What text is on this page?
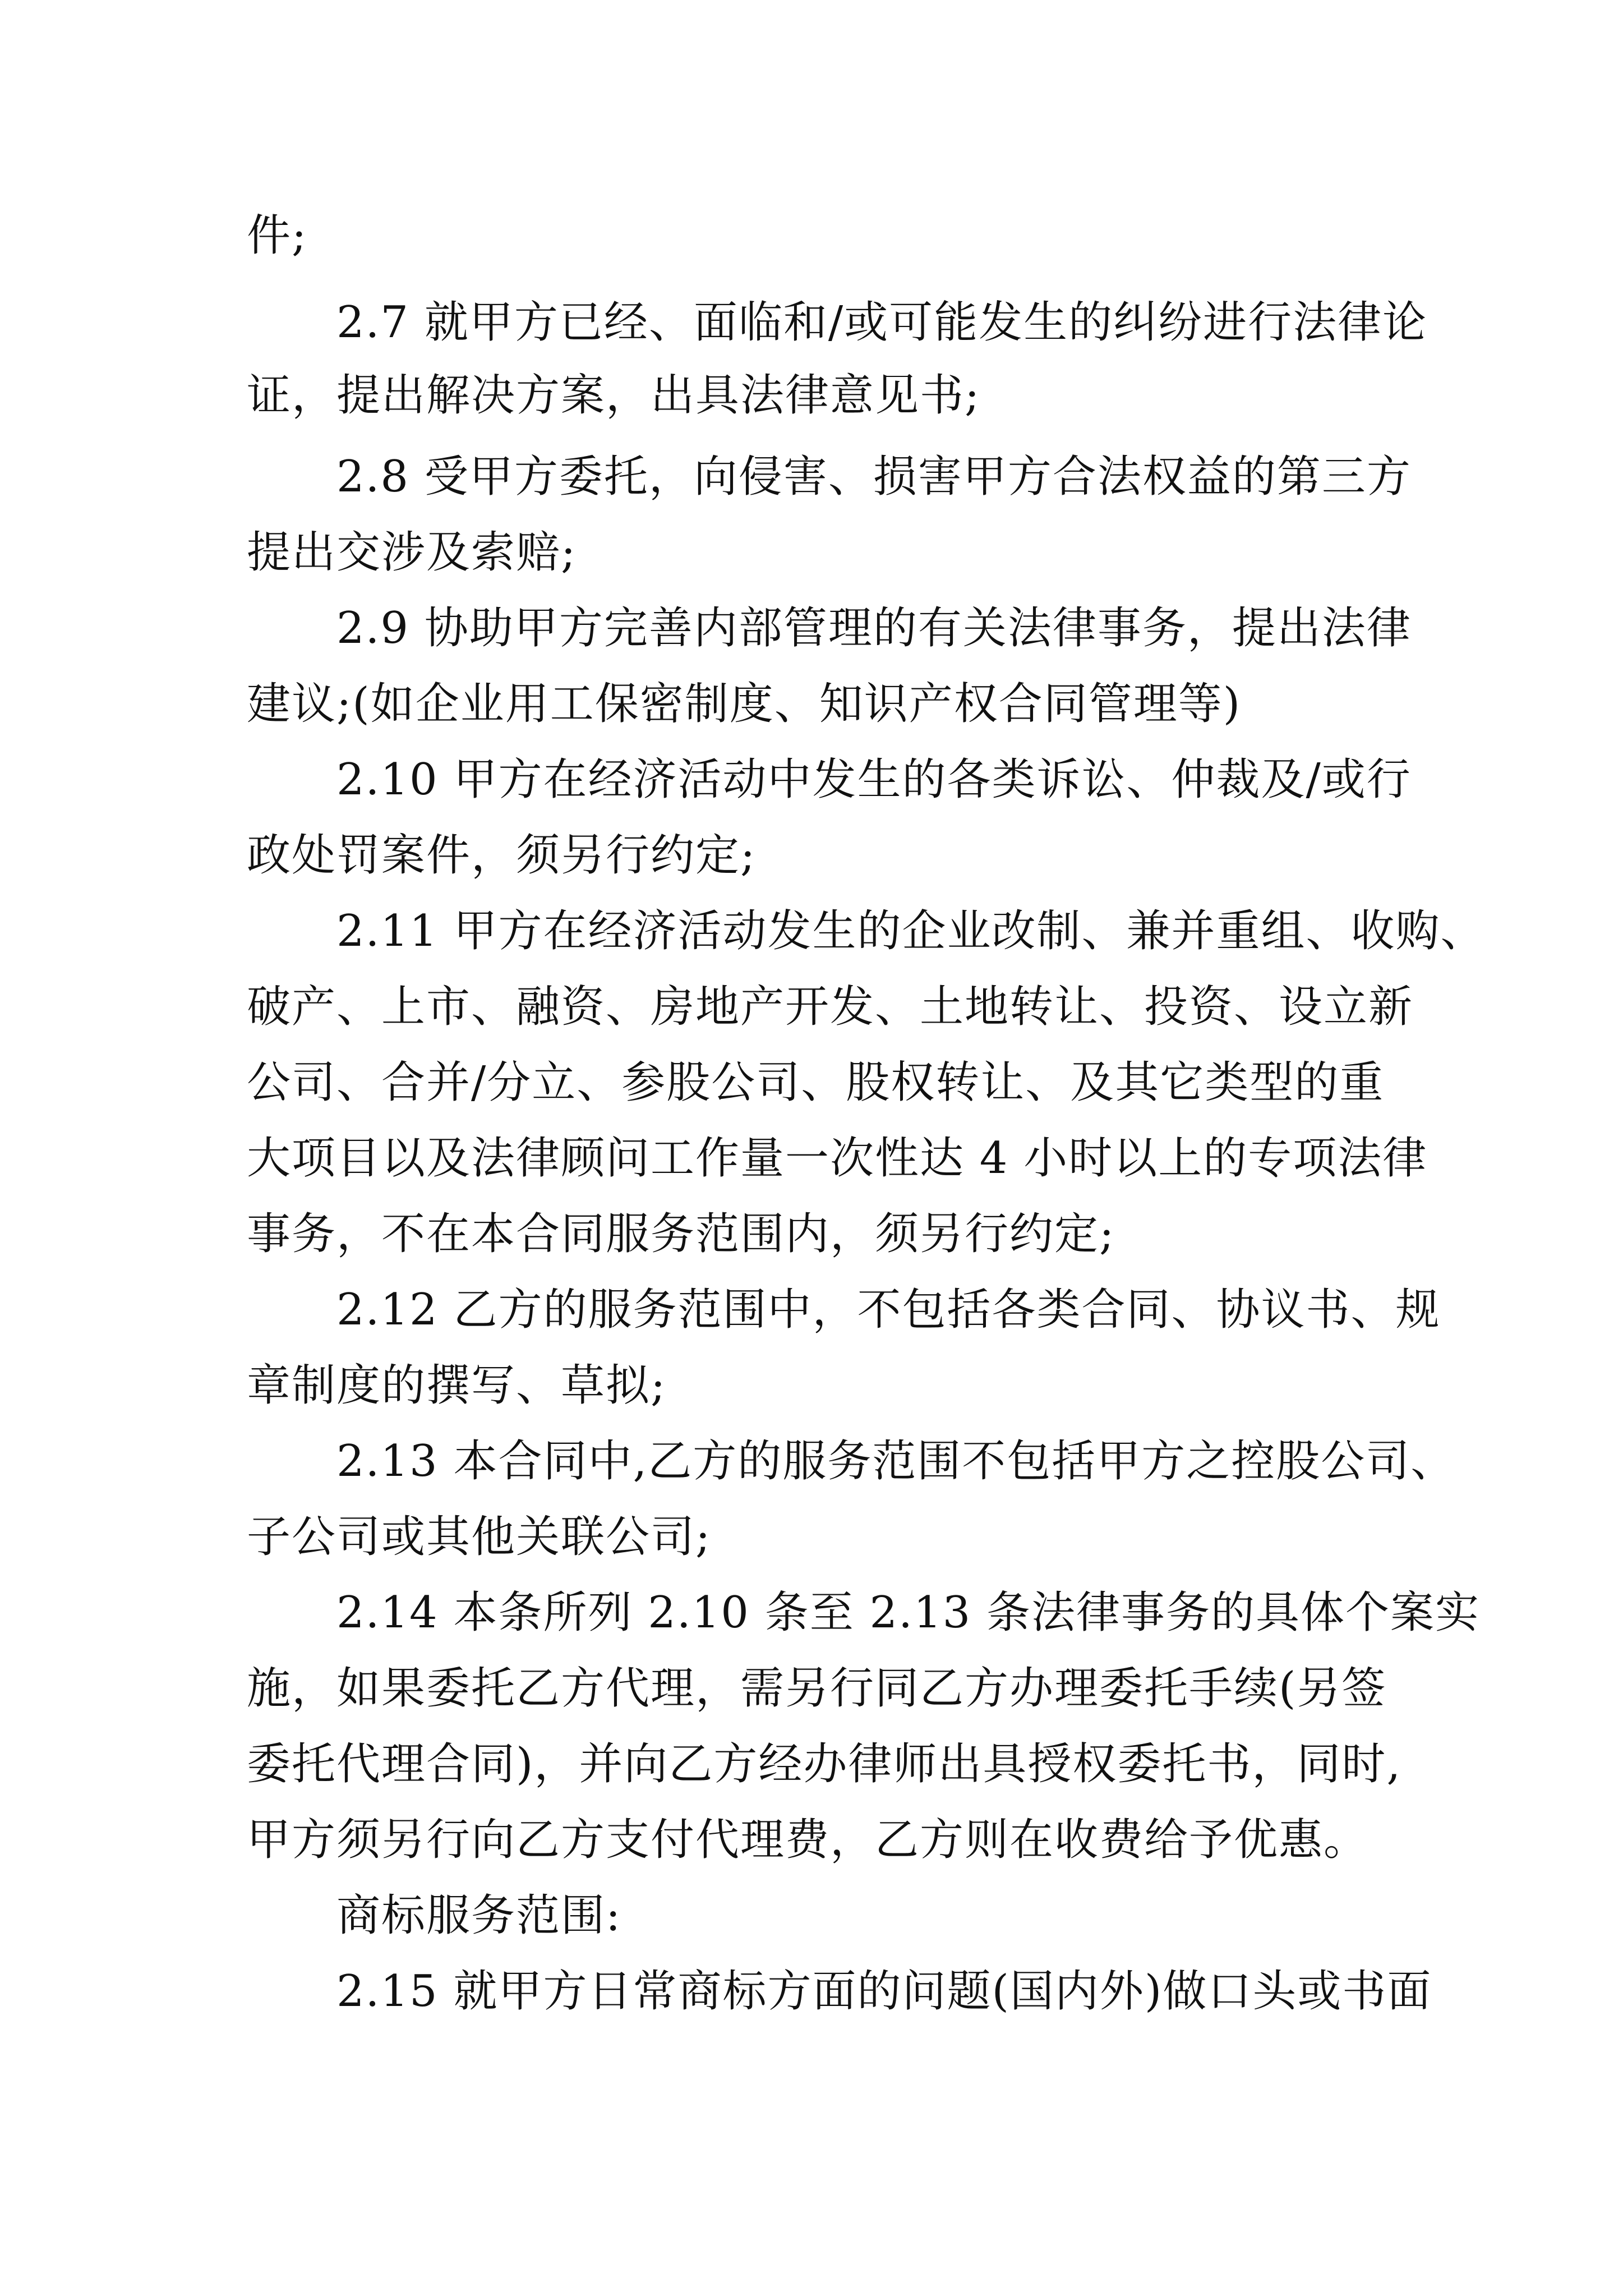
件;
2.7 就甲方已经、面临和/或可能发生的纠纷进行法律论
证，提出解决方案，出具法律意见书;
2.8 受甲方委托，向侵害、损害甲方合法权益的第三方
提出交涉及索赔;
2.9 协助甲方完善内部管理的有关法律事务，提出法律
建议;(如企业用工保密制度、知识产权合同管理等)
2.10 甲方在经济活动中发生的各类诉讼、仲裁及/或行
政处罚案件，须另行约定;
2.11 甲方在经济活动发生的企业改制、兼并重组、收购、
破产、上市、融资、房地产开发、土地转让、投资、设立新
公司、合并/分立、参股公司、股权转让、及其它类型的重
大项目以及法律顾问工作量一次性达 4 小时以上的专项法律
事务，不在本合同服务范围内，须另行约定;
2.12 乙方的服务范围中，不包括各类合同、协议书、规
章制度的撰写、草拟;
2.13 本合同中,乙方的服务范围不包括甲方之控股公司、
子公司或其他关联公司;
2.14 本条所列 2.10 条至 2.13 条法律事务的具体个案实
施，如果委托乙方代理，需另行同乙方办理委托手续(另签
委托代理合同)，并向乙方经办律师出具授权委托书，同时,
甲方须另行向乙方支付代理费，乙方则在收费给予优惠。
商标服务范围:
2.15 就甲方日常商标方面的问题(国内外)做口头或书面
